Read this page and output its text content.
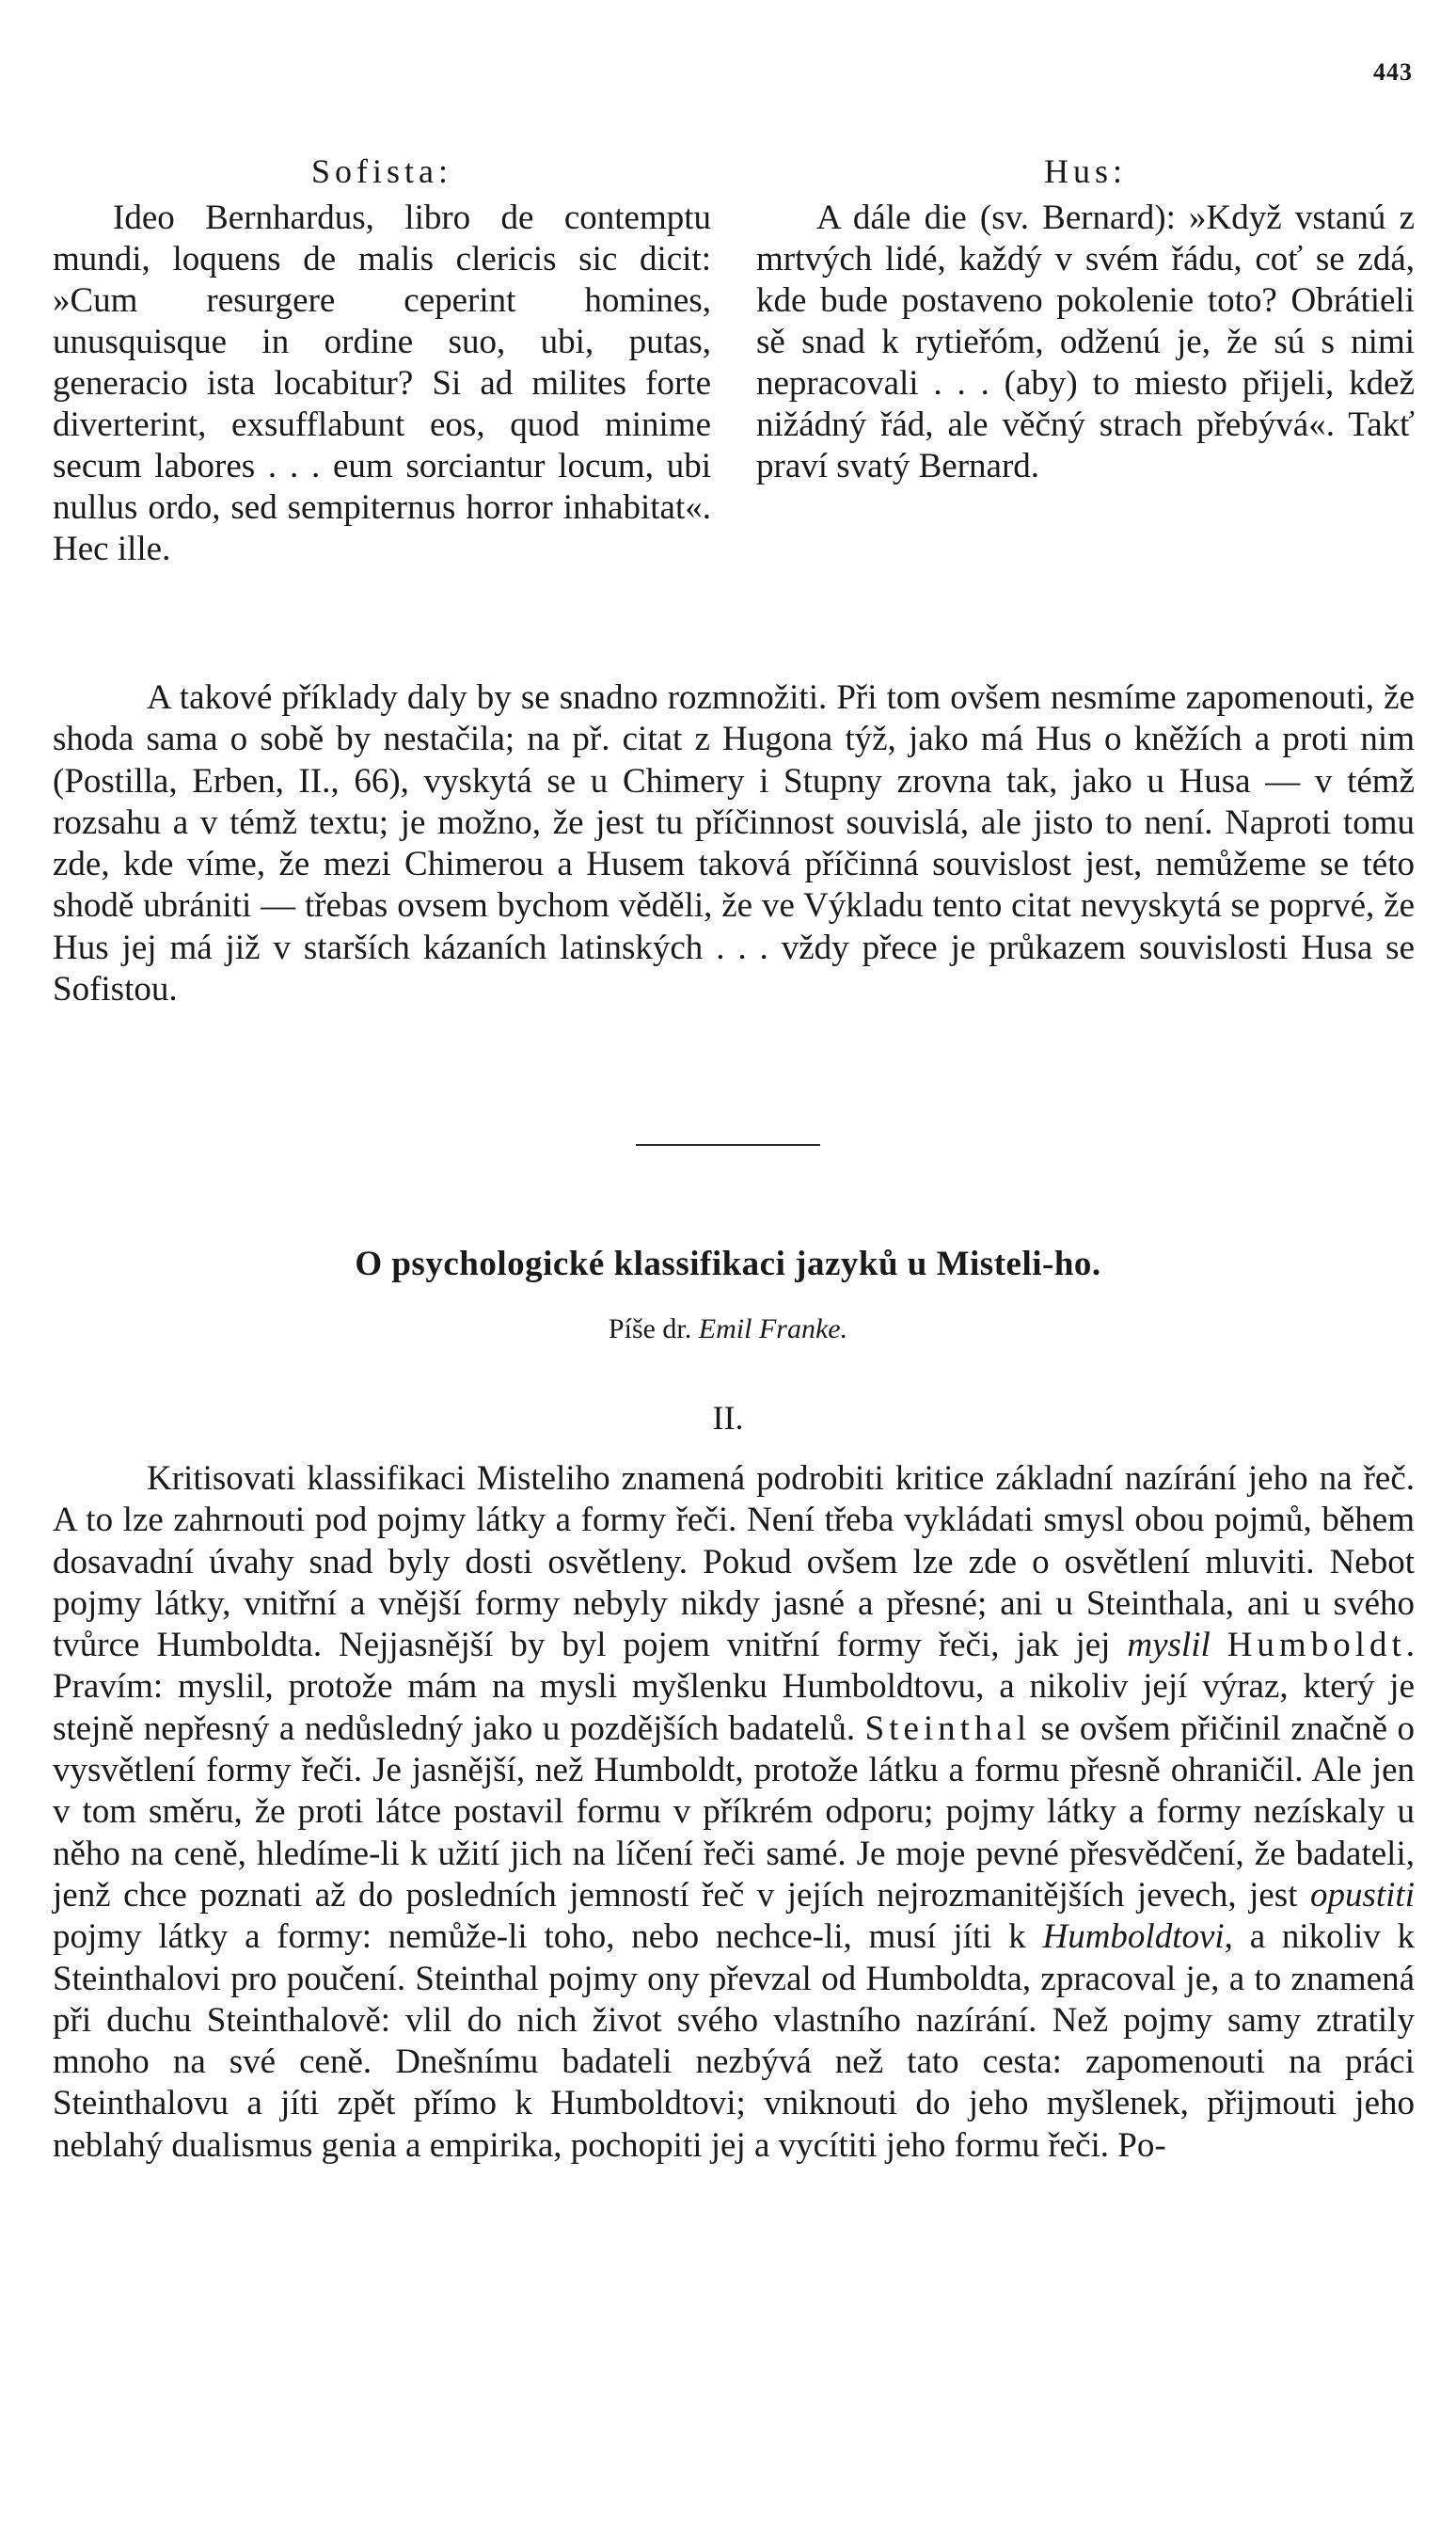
443
Sofista:
Ideo Bernhardus, libro de contemptu mundi, loquens de malis clericis sic dicit: »Cum resurgere ceperint homines, unusquisque in ordine suo, ubi, putas, generacio ista locabitur? Si ad milites forte diverterint, exsufflabunt eos, quod minime secum labores . . . eum sorciantur locum, ubi nullus ordo, sed sempiternus horror inhabitat«. Hec ille.
Hus:
A dále die (sv. Bernard): »Když vstanú z mrtvých lidé, každý v svém řádu, coť se zdá, kde bude postaveno pokolenie toto? Obrátieli sě snad k rytieřóm, odženú je, že sú s nimi nepracovali . . . (aby) to miesto přijeli, kdež nižádný řád, ale věčný strach přebývá«. Takť praví svatý Bernard.
A takové příklady daly by se snadno rozmnožiti. Při tom ovšem nesmíme zapomenouti, že shoda sama o sobě by nestačila; na př. citat z Hugona týž, jako má Hus o kněžích a proti nim (Postilla, Erben, II., 66), vyskytá se u Chimery i Stupny zrovna tak, jako u Husa — v témž rozsahu a v témž textu; je možno, že jest tu příčinnost souvislá, ale jisto to není. Naproti tomu zde, kde víme, že mezi Chimerou a Husem taková příčinná souvislost jest, nemůžeme se této shodě ubrániti — třebas ovsem bychom věděli, že ve Výkladu tento citat nevyskytá se poprvé, že Hus jej má již v starších kázaních latinských . . . vždy přece je průkazem souvislosti Husa se Sofistou.
O psychologické klassifikaci jazyků u Misteli-ho.
Píše dr. Emil Franke.
II.
Kritisovati klassifikaci Misteliho znamená podrobiti kritice základní nazírání jeho na řeč. A to lze zahrnouti pod pojmy látky a formy řeči. Není třeba vykládati smysl obou pojmů, během dosavadní úvahy snad byly dosti osvětleny. Pokud ovšem lze zde o osvětlení mluviti. Nebot pojmy látky, vnitřní a vnější formy nebyly nikdy jasné a přesné; ani u Steinthala, ani u svého tvůrce Humboldta. Nejjasnější by byl pojem vnitřní formy řeči, jak jej myslil Humboldt. Pravím: myslil, protože mám na mysli myšlenku Humboldtovu, a nikoliv její výraz, který je stejně nepřesný a nedůsledný jako u pozdějších badatelů. Steinthal se ovšem přičinil značně o vysvětlení formy řeči. Je jasnější, než Humboldt, protože látku a formu přesně ohraničil. Ale jen v tom směru, že proti látce postavil formu v příkrém odporu; pojmy látky a formy nezískaly u něho na ceně, hledíme-li k užití jich na líčení řeči samé. Je moje pevné přesvědčení, že badateli, jenž chce poznati až do posledních jemností řeč v jejích nejrozmanitějších jevech, jest opustiti pojmy látky a formy: nemůže-li toho, nebo nechce-li, musí jíti k Humboldtovi, a nikoliv k Steinthalovi pro poučení. Steinthal pojmy ony převzal od Humboldta, zpracoval je, a to znamená při duchu Steinthalově: vlil do nich život svého vlastního nazírání. Než pojmy samy ztratily mnoho na své ceně. Dnešnímu badateli nezbývá než tato cesta: zapomenouti na práci Steinthalovu a jíti zpět přímo k Humboldtovi; vniknouti do jeho myšlenek, přijmouti jeho neblahý dualismus genia a empirika, pochopiti jej a vycítiti jeho formu řeči. Po-
